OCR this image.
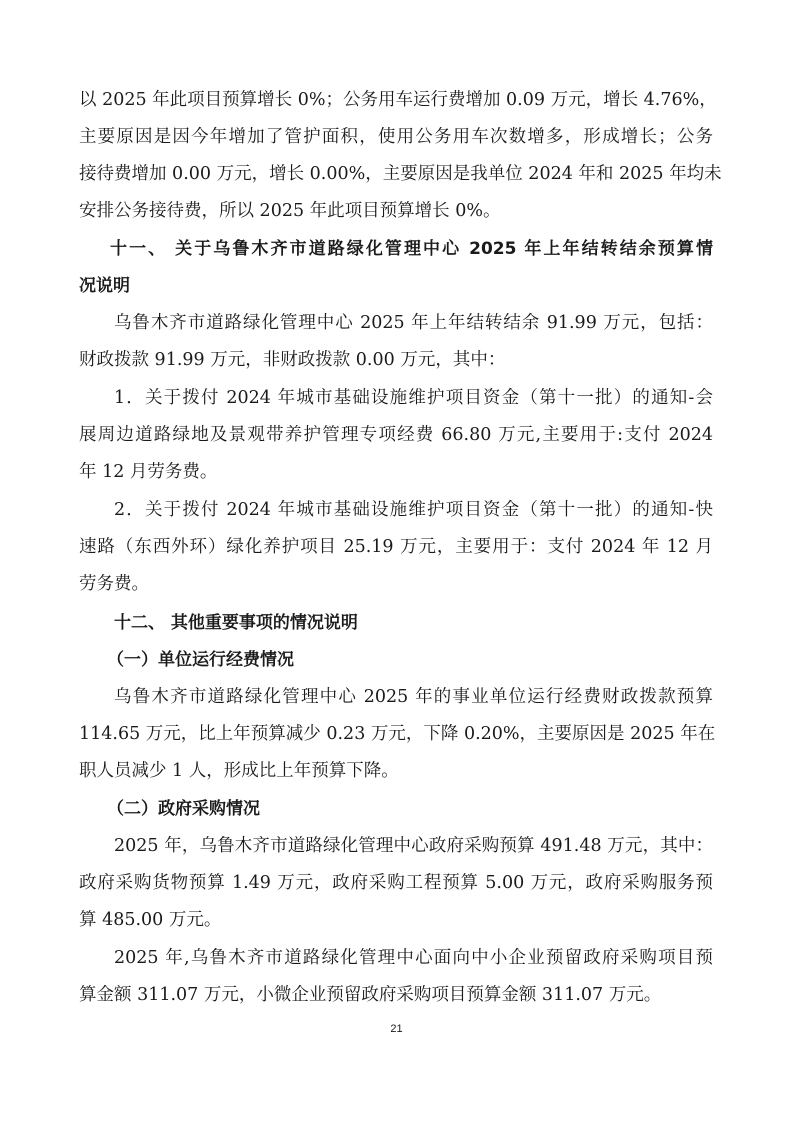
以 2025 年此项目预算增长 0%；公务用车运行费增加 0.09 万元，增长 4.76%，
主要原因是因今年增加了管护面积，使用公务用车次数增多，形成增长；公务
接待费增加 0.00 万元，增长 0.00%，主要原因是我单位 2024 年和 2025 年均未
安排公务接待费，所以 2025 年此项目预算增长 0%。
十一、 关于乌鲁木齐市道路绿化管理中心 2025 年上年结转结余预算情
况说明
乌鲁木齐市道路绿化管理中心 2025 年上年结转结余 91.99 万元，包括：
财政拨款 91.99 万元，非财政拨款 0.00 万元，其中：
1．关于拨付 2024 年城市基础设施维护项目资金（第十一批）的通知-会
展周边道路绿地及景观带养护管理专项经费 66.80 万元,主要用于:支付 2024
年 12 月劳务费。
2．关于拨付 2024 年城市基础设施维护项目资金（第十一批）的通知-快
速路（东西外环）绿化养护项目 25.19 万元，主要用于：支付 2024 年 12 月
劳务费。
十二、 其他重要事项的情况说明
（一）单位运行经费情况
乌鲁木齐市道路绿化管理中心 2025 年的事业单位运行经费财政拨款预算
114.65 万元，比上年预算减少 0.23 万元，下降 0.20%，主要原因是 2025 年在
职人员减少 1 人，形成比上年预算下降。
（二）政府采购情况
2025 年，乌鲁木齐市道路绿化管理中心政府采购预算 491.48 万元，其中：
政府采购货物预算 1.49 万元，政府采购工程预算 5.00 万元，政府采购服务预
算 485.00 万元。
2025 年,乌鲁木齐市道路绿化管理中心面向中小企业预留政府采购项目预
算金额 311.07 万元，小微企业预留政府采购项目预算金额 311.07 万元。
21
